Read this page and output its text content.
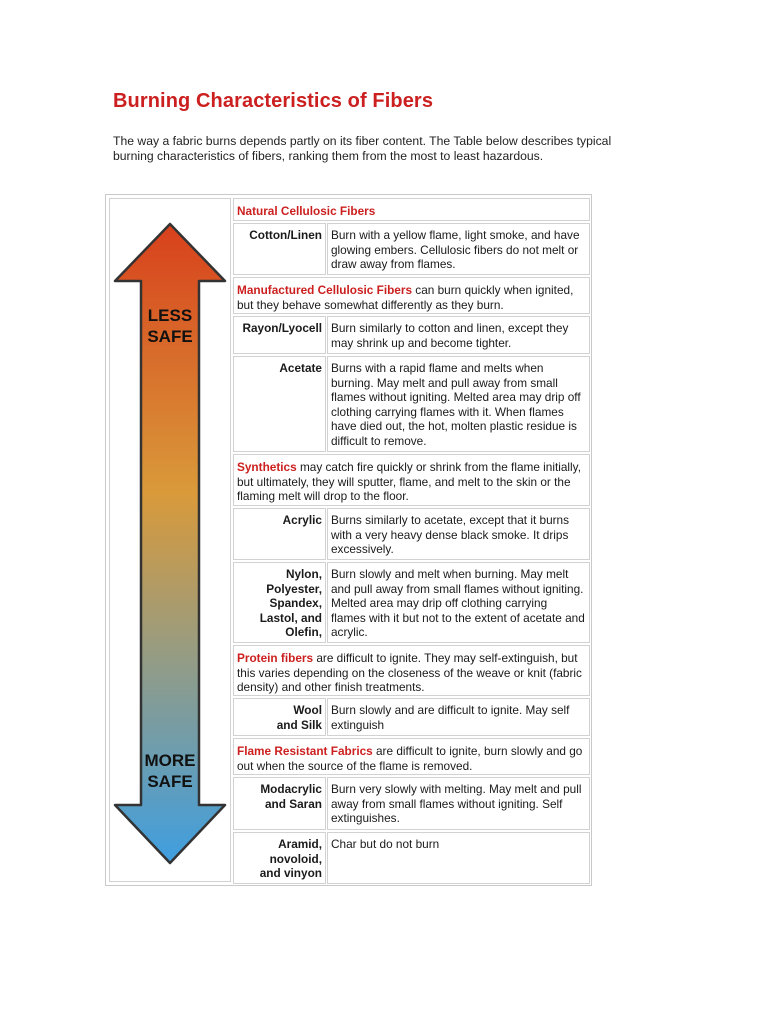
Burning Characteristics of Fibers

The way a fabric burns depends partly on its fiber content. The Table below describes typical burning characteristics of fibers, ranking them from the most to least hazardous.

LESS
SAFE
MORE
SAFE
Natural Cellulosic Fibers
Cotton/Linen Burn with a yellow flame, light smoke, and have glowing embers. Cellulosic fibers do not melt or draw away from flames.
Manufactured Cellulosic Fibers can burn quickly when ignited, but they behave somewhat differently as they burn.
Rayon/Lyocell Burn similarly to cotton and linen, except they may shrink up and become tighter.
Acetate Burns with a rapid flame and melts when burning. May melt and pull away from small flames without igniting. Melted area may drip off clothing carrying flames with it. When flames have died out, the hot, molten plastic residue is difficult to remove.
Synthetics may catch fire quickly or shrink from the flame initially, but ultimately, they will sputter, flame, and melt to the skin or the flaming melt will drop to the floor.
Acrylic Burns similarly to acetate, except that it burns with a very heavy dense black smoke. It drips excessively.
Nylon,
Polyester,
Spandex,
Lastol, and
Olefin,
Burn slowly and melt when burning. May melt and pull away from small flames without igniting. Melted area may drip off clothing carrying flames with it but not to the extent of acetate and acrylic.
Protein fibers are difficult to ignite. They may self-extinguish, but this varies depending on the closeness of the weave or knit (fabric density) and other finish treatments.
Wool
and Silk
Burn slowly and are difficult to ignite. May self extinguish
Flame Resistant Fabrics are difficult to ignite, burn slowly and go out when the source of the flame is removed.
Modacrylic
and Saran
Burn very slowly with melting. May melt and pull away from small flames without igniting. Self extinguishes.
Aramid,
novoloid,
and vinyon
Char but do not burn
